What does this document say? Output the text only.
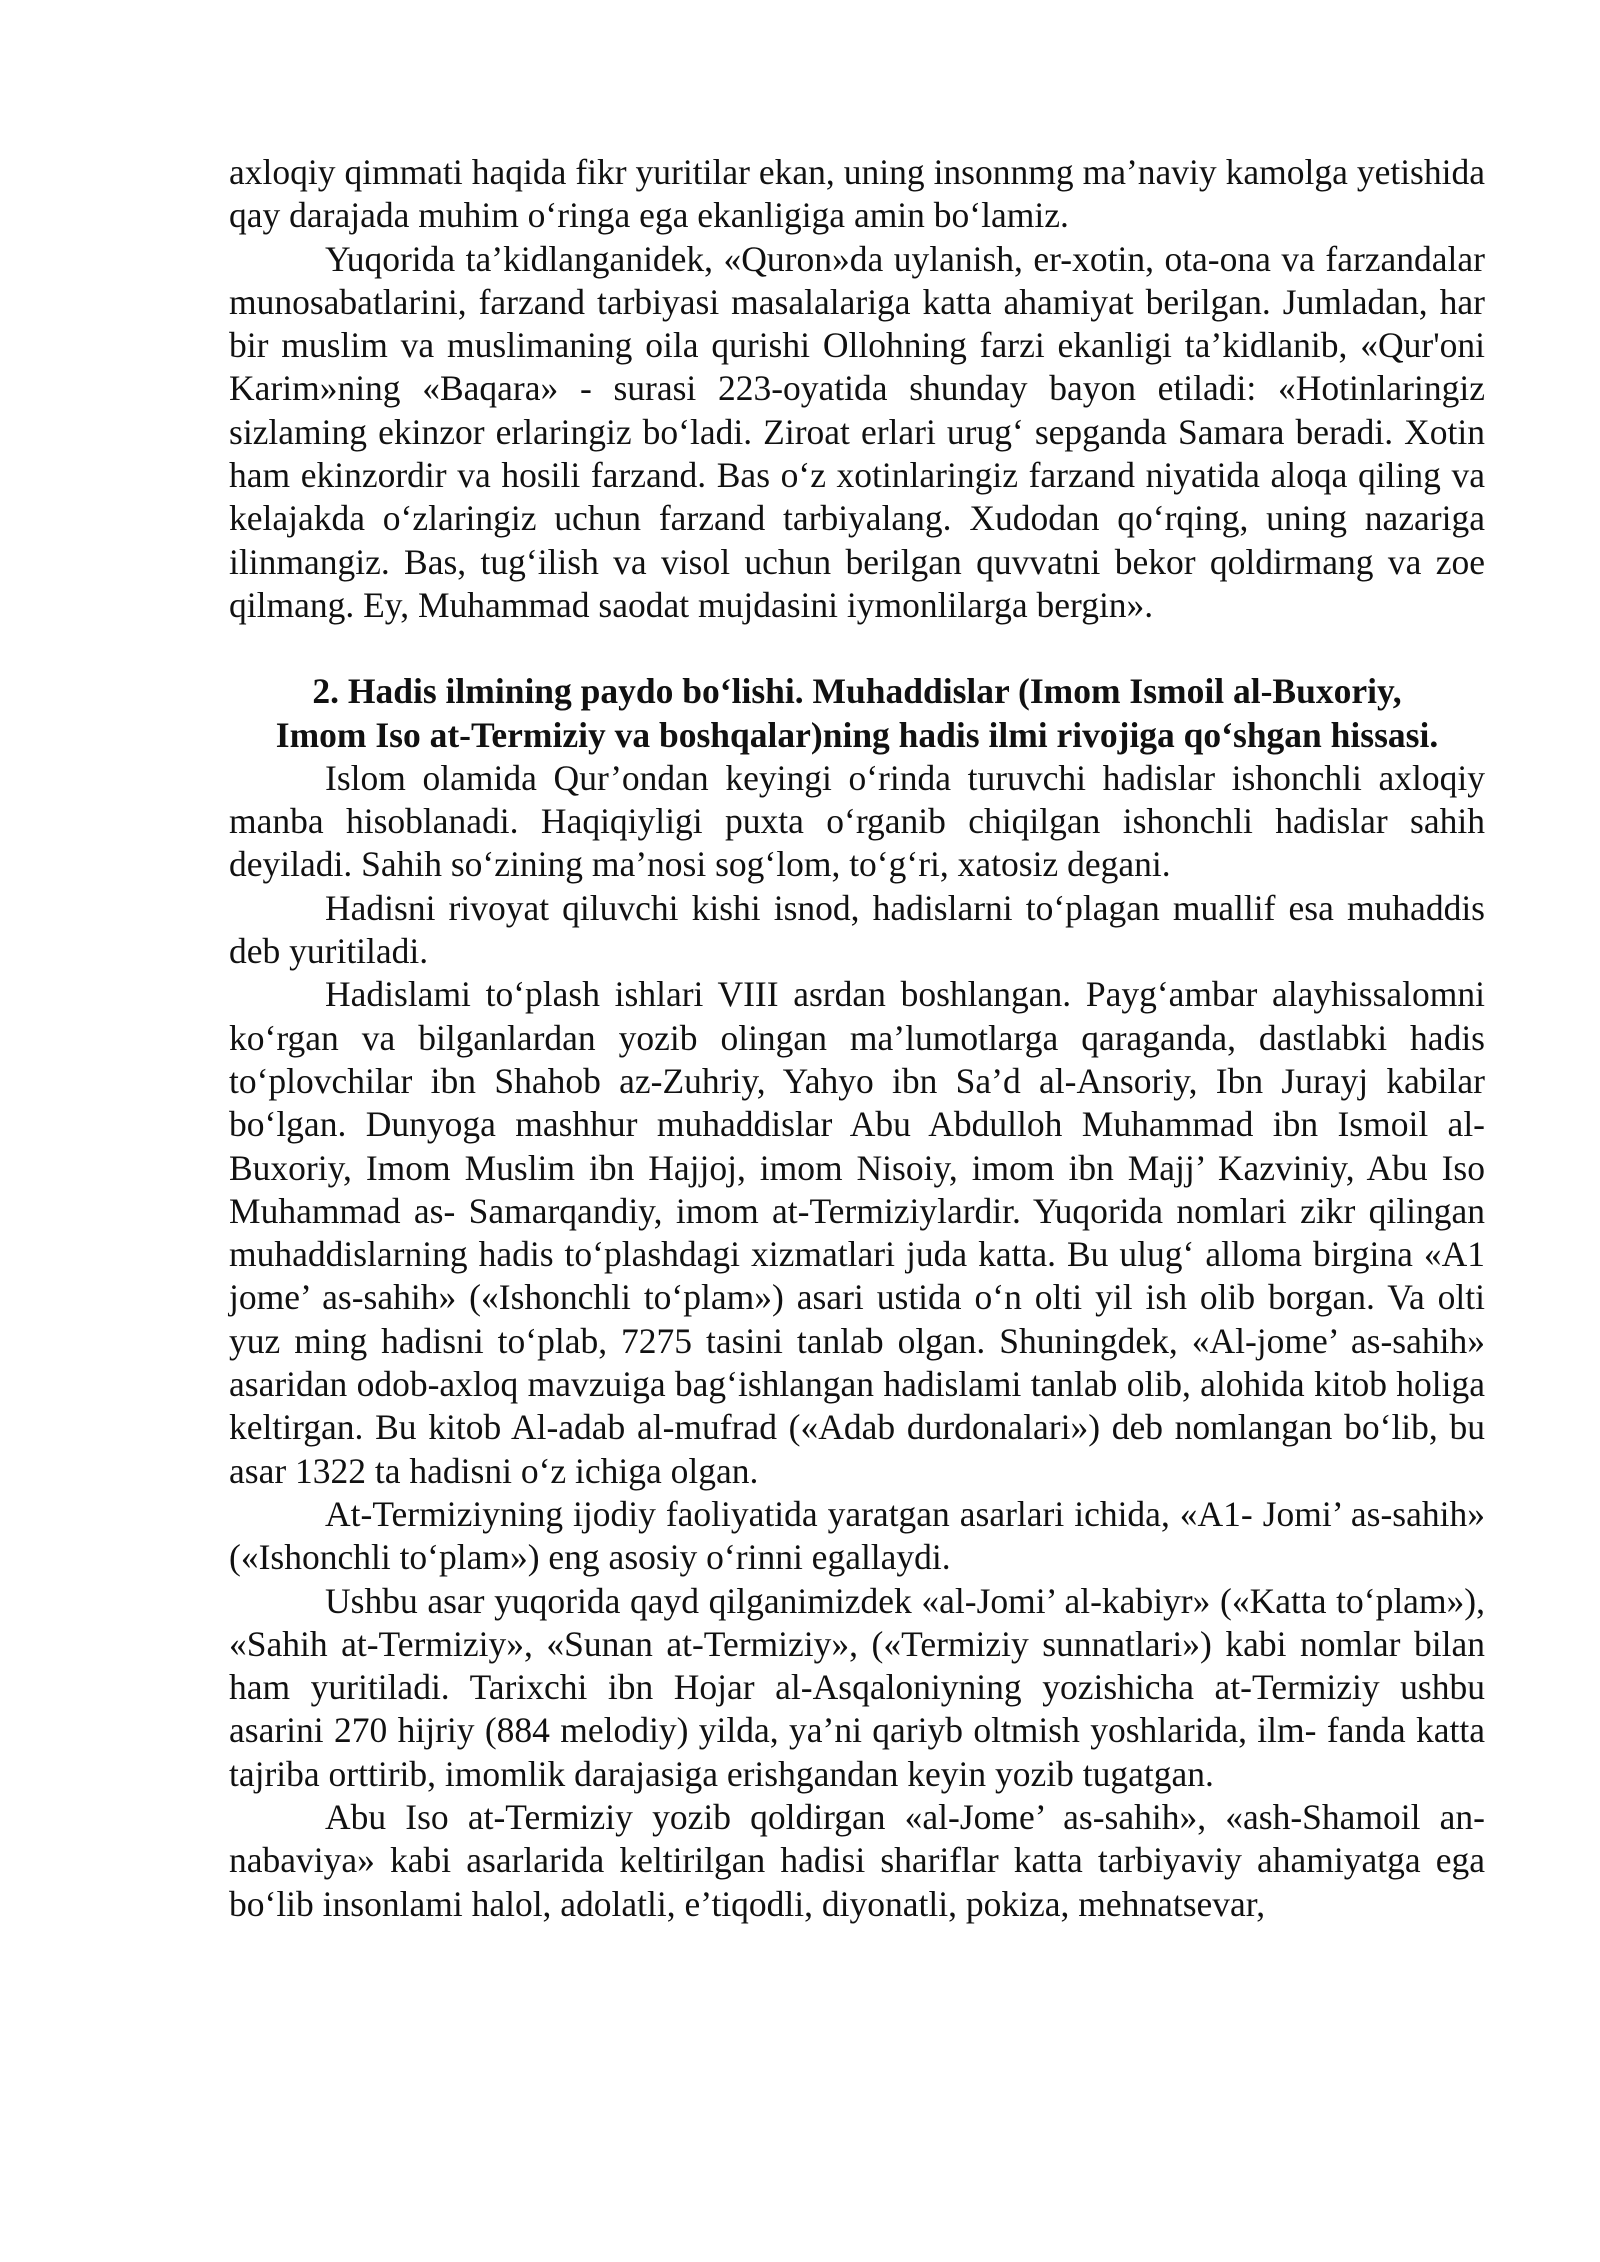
axloqiy qimmati haqida fikr yuritilar ekan, uning insonnmg ma’naviy kamolga yetishida qay darajada muhim o‘ringa ega ekanligiga amin bo‘lamiz.

Yuqorida ta’kidlanganidek, «Quron»da uylanish, er-xotin, ota-ona va farzandalar munosabatlarini, farzand tarbiyasi masalalariga katta ahamiyat berilgan. Jumladan, har bir muslim va muslimaning oila qurishi Ollohning farzi ekanligi ta’kidlanib, «Qur'oni Karim»ning «Baqara» - surasi 223-oyatida shunday bayon etiladi: «Hotinlaringiz sizlaming ekinzor erlaringiz bo‘ladi. Ziroat erlari urug‘ sepganda Samara beradi. Xotin ham ekinzordir va hosili farzand. Bas o‘z xotinlaringiz farzand niyatida aloqa qiling va kelajakda o‘zlaringiz uchun farzand tarbiyalang. Xudodan qo‘rqing, uning nazariga ilinmangiz. Bas, tug‘ilish va visol uchun berilgan quvvatni bekor qoldirmang va zoe qilmang. Ey, Muhammad saodat mujdasini iymonlilarga bergin».

2. Hadis ilmining paydo bo‘lishi. Muhaddislar (Imom Ismoil al-Buxoriy,
Imom Iso at-Termiziy va boshqalar)ning hadis ilmi rivojiga qo‘shgan hissasi.

Islom olamida Qur’ondan keyingi o‘rinda turuvchi hadislar ishonchli axloqiy manba hisoblanadi. Haqiqiyligi puxta o‘rganib chiqilgan ishonchli hadislar sahih deyiladi. Sahih so‘zining ma’nosi sog‘lom, to‘g‘ri, xatosiz degani.

Hadisni rivoyat qiluvchi kishi isnod, hadislarni to‘plagan muallif esa muhaddis deb yuritiladi.

Hadislami to‘plash ishlari VIII asrdan boshlangan. Payg‘ambar alayhissalomni ko‘rgan va bilganlardan yozib olingan ma’lumotlarga qaraganda, dastlabki hadis to‘plovchilar ibn Shahob az-Zuhriy, Yahyo ibn Sa’d al-Ansoriy, Ibn Jurayj kabilar bo‘lgan. Dunyoga mashhur muhaddislar Abu Abdulloh Muhammad ibn Ismoil al-Buxoriy, Imom Muslim ibn Hajjoj, imom Nisoiy, imom ibn Majj’ Kazviniy, Abu Iso Muhammad as- Samarqandiy, imom at-Termiziylardir. Yuqorida nomlari zikr qilingan muhaddislarning hadis to‘plashdagi xizmatlari juda katta. Bu ulug‘ alloma birgina «A1 jome’ as-sahih» («Ishonchli to‘plam») asari ustida o‘n olti yil ish olib borgan. Va olti yuz ming hadisni to‘plab, 7275 tasini tanlab olgan. Shuningdek, «Al-jome’ as-sahih» asaridan odob-axloq mavzuiga bag‘ishlangan hadislami tanlab olib, alohida kitob holiga keltirgan. Bu kitob Al-adab al-mufrad («Adab durdonalari») deb nomlangan bo‘lib, bu asar 1322 ta hadisni o‘z ichiga olgan.

At-Termiziyning ijodiy faoliyatida yaratgan asarlari ichida, «A1- Jomi’ as-sahih» («Ishonchli to‘plam») eng asosiy o‘rinni egallaydi.

Ushbu asar yuqorida qayd qilganimizdek «al-Jomi’ al-kabiyr» («Katta to‘plam»), «Sahih at-Termiziy», «Sunan at-Termiziy», («Termiziy sunnatlari») kabi nomlar bilan ham yuritiladi. Tarixchi ibn Hojar al-Asqaloniyning yozishicha at-Termiziy ushbu asarini 270 hijriy (884 melodiy) yilda, ya’ni qariyb oltmish yoshlarida, ilm- fanda katta tajriba orttirib, imomlik darajasiga erishgandan keyin yozib tugatgan.

Abu Iso at-Termiziy yozib qoldirgan «al-Jome’ as-sahih», «ash-Shamoil an-nabaviya» kabi asarlarida keltirilgan hadisi shariflar katta tarbiyaviy ahamiyatga ega bo‘lib insonlami halol, adolatli, e’tiqodli, diyonatli, pokiza, mehnatsevar,
